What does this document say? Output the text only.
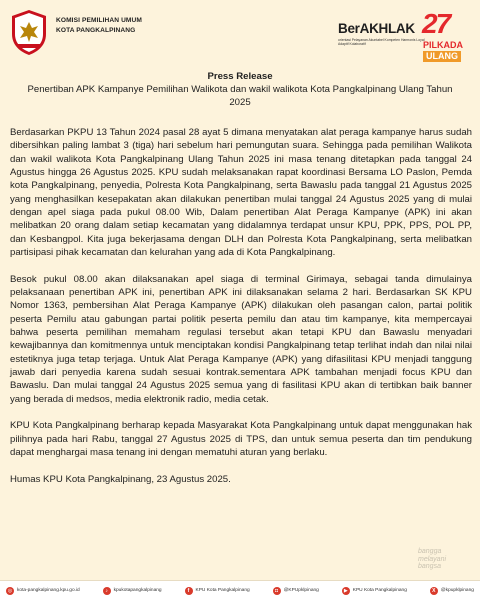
KOMISI PEMILIHAN UMUM
KOTA PANGKALPINANG	BerAKHLAK
orientasi Pelayanan Akuntabel Kompeten Harmonis Loyal Adaptif Kolaboratif
27
PILKADA
ULANG
Press Release
Penertiban APK Kampanye Pemilihan Walikota dan wakil walikota Kota Pangkalpinang Ulang Tahun 2025

Berdasarkan PKPU 13 Tahun 2024 pasal 28 ayat 5 dimana menyatakan alat peraga kampanye harus sudah dibersihkan paling lambat 3 (tiga) hari sebelum hari pemungutan suara. Sehingga pada pemilihan Walikota dan wakil walikota Kota Pangkalpinang Ulang Tahun 2025 ini masa tenang ditetapkan pada tanggal 24 Agustus hingga 26 Agustus 2025. KPU sudah melaksanakan rapat koordinasi Bersama LO Paslon, Pemda kota Pangkalpinang, penyedia, Polresta Kota Pangkalpinang, serta Bawaslu pada tanggal 21 Agustus 2025 yang menghasilkan kesepakatan akan dilakukan penertiban mulai tanggal 24 Agustus 2025 yang di mulai dengan apel siaga pada pukul 08.00 Wib, Dalam penertiban Alat Peraga Kampanye (APK) ini akan melibatkan 20 orang dalam setiap kecamatan yang didalamnya terdapat unsur KPU, PPK, PPS, POL PP, dan Kesbangpol. Kita juga bekerjasama dengan DLH dan Polresta Kota Pangkalpinang, serta melibatkan partisipasi pihak kecamatan dan kelurahan yang ada di Kota Pangkalpinang.

Besok pukul 08.00 akan dilaksanakan apel siaga di terminal Girimaya, sebagai tanda dimulainya pelaksanaan penertiban APK ini, penertiban APK ini dilaksanakan selama 2 hari. Berdasarkan SK KPU Nomor 1363, pembersihan Alat Peraga Kampanye (APK) dilakukan oleh pasangan calon, partai politik peserta Pemilu atau gabungan partai politik peserta pemilu dan atau tim kampanye, kita mempercayai bahwa peserta pemilihan memaham regulasi tersebut akan tetapi KPU dan Bawaslu menyadari kewajibannya dan komitmennya untuk menciptakan kondisi Pangkalpinang tetap terlihat indah dan nilai nilai estetiknya juga tetap terjaga. Untuk Alat Peraga Kampanye (APK) yang difasilitasi KPU menjadi tanggung jawab dari penyedia karena sudah sesuai kontrak.sementara APK tambahan menjadi focus KPU dan Bawaslu. Dan mulai tanggal 24 Agustus 2025 semua yang di fasilitasi KPU akan di tertibkan baik banner yang berada di medsos, media elektronik radio, media cetak.

KPU Kota Pangkalpinang berharap kepada Masyarakat Kota Pangkalpinang untuk dapat menggunakan hak pilihnya pada hari Rabu, tanggal 27 Agustus 2025 di TPS, dan untuk semua peserta dan tim pendukung dapat menghargai masa tenang ini dengan mematuhi aturan yang berlaku.

Humas KPU Kota Pangkalpinang, 23 Agustus 2025.

bangga
melayani
bangsa
◎	kota-pangkalpinang.kpu.go.id	♪	kpukotapangkalpinang	f	KPU Kota Pangkalpinang	◘	@KPUpklpinang	▶	KPU Kota Pangkalpinang	X	@kpupklpinang
